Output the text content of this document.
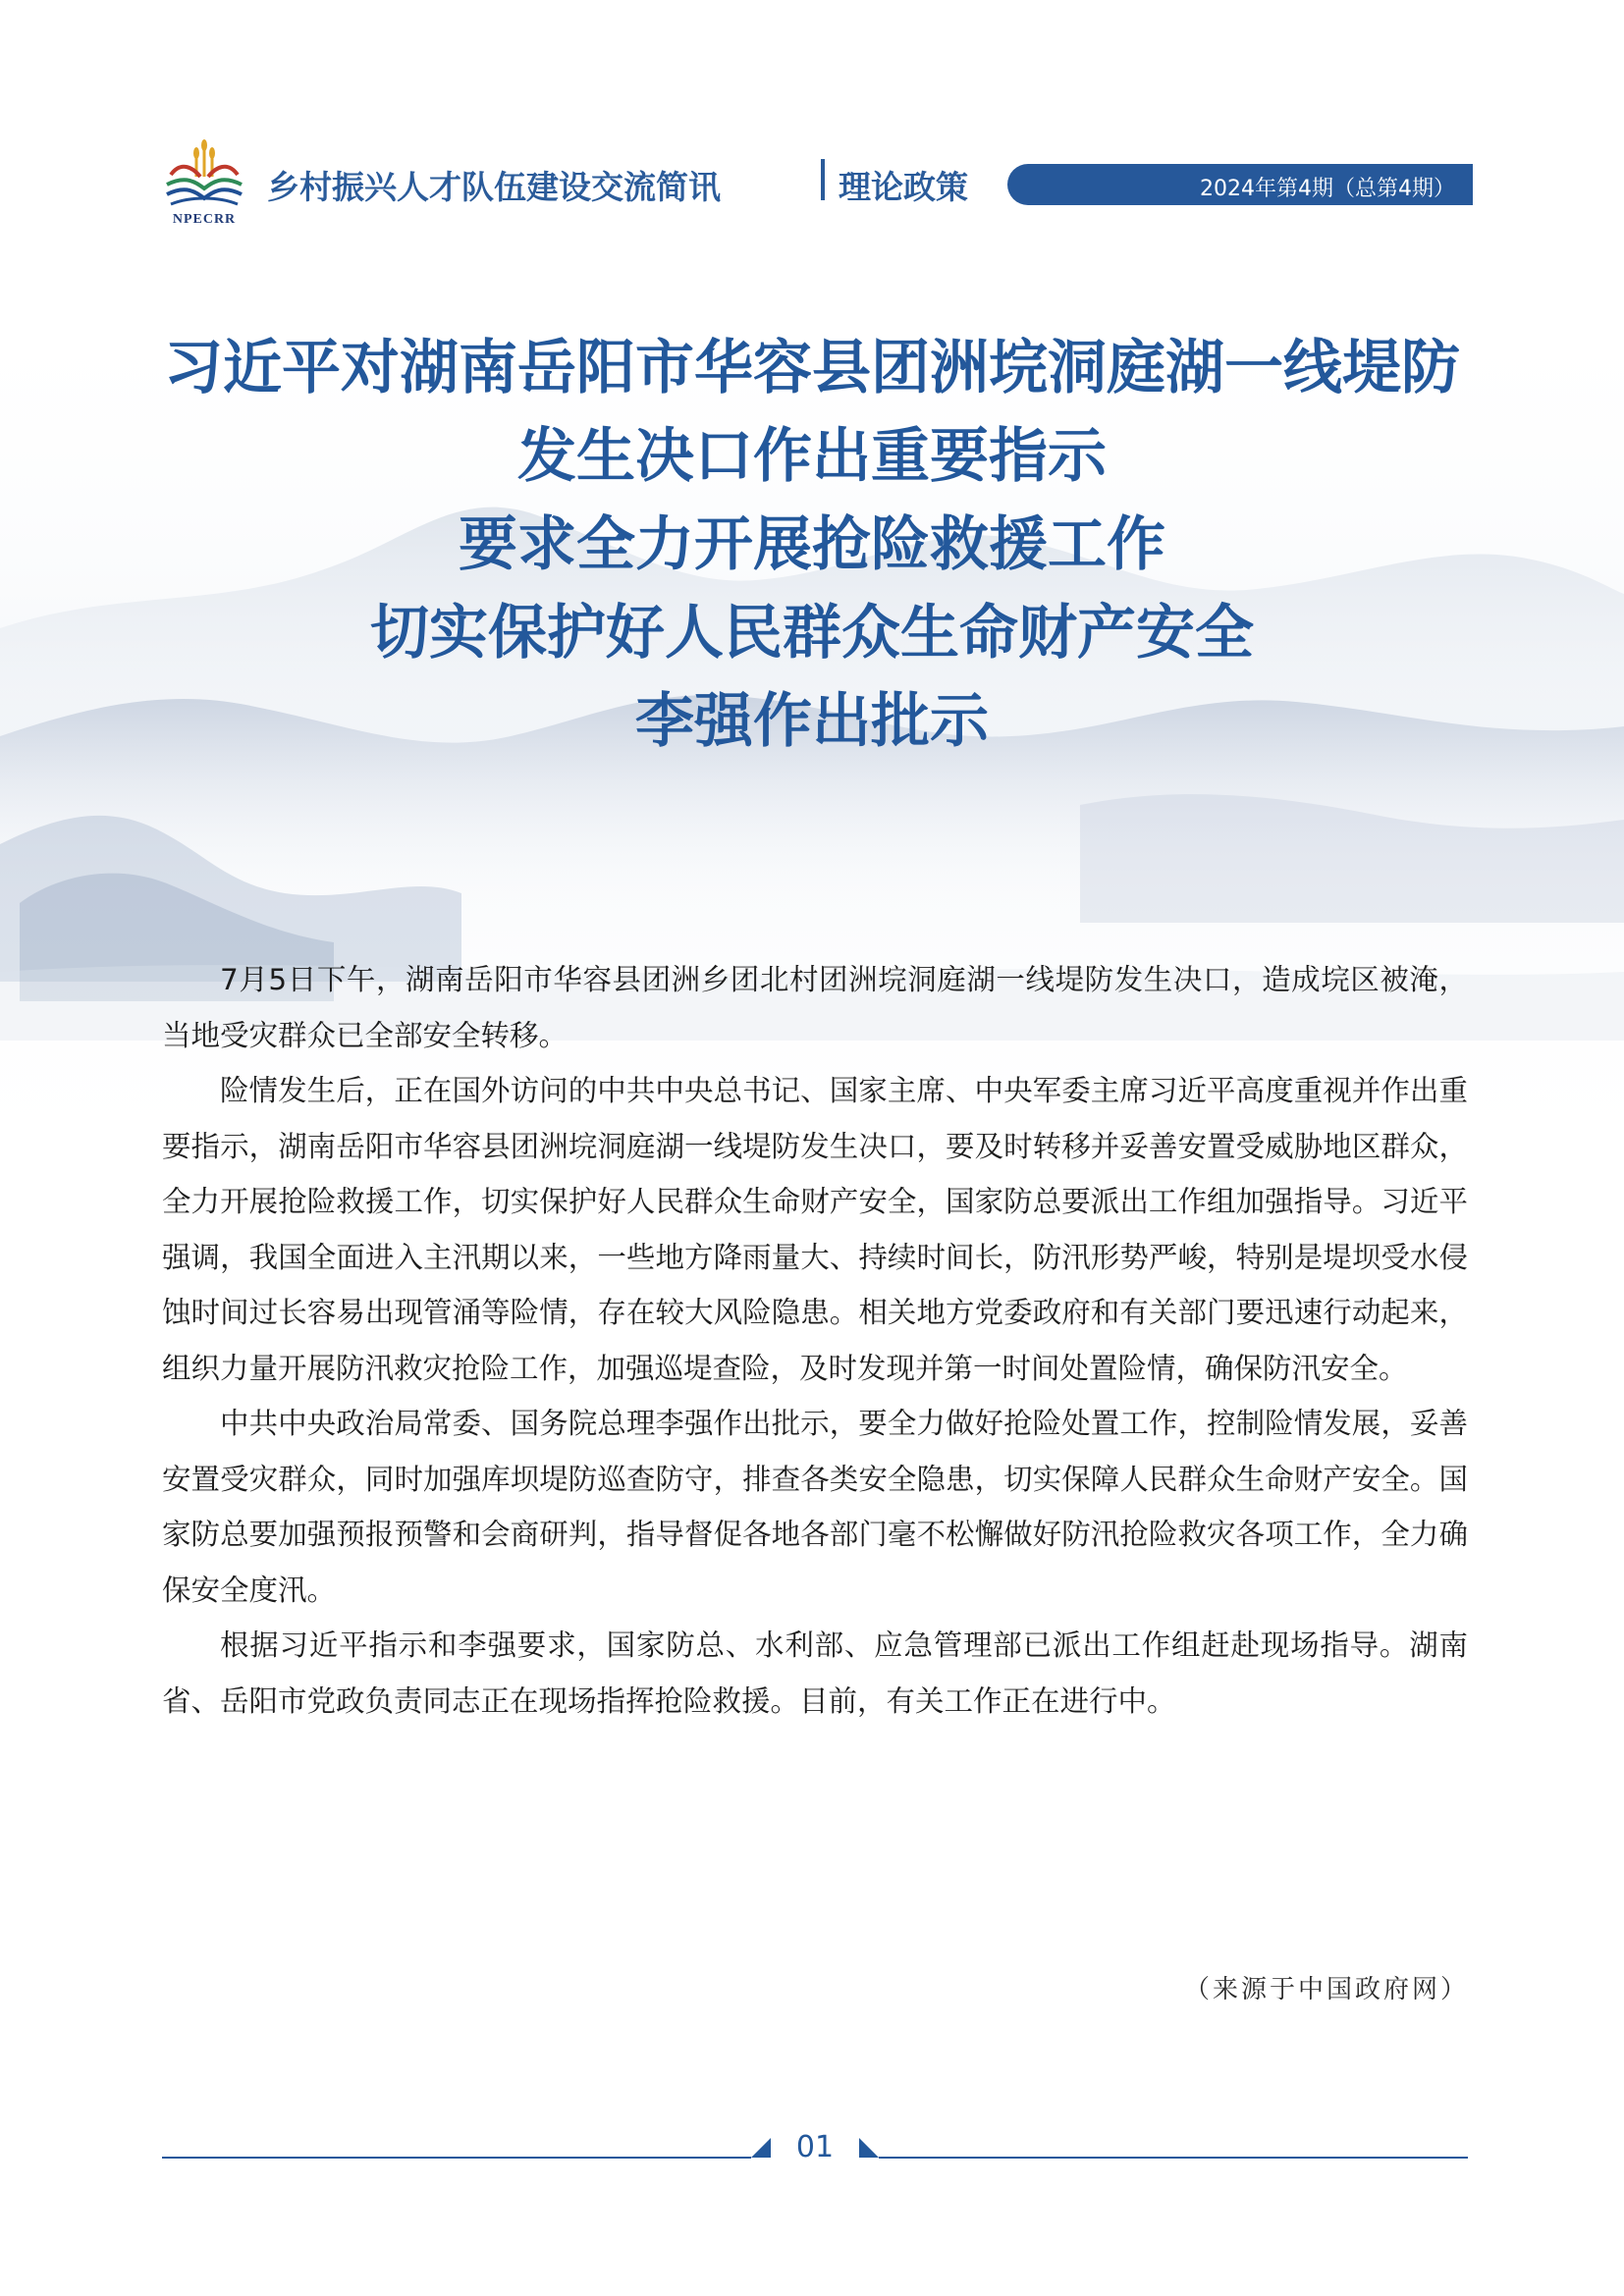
NPECRR
乡村振兴人才队伍建设交流简讯	理论政策	2024年第4期（总第4期）
习近平对湖南岳阳市华容县团洲垸洞庭湖一线堤防
发生决口作出重要指示
要求全力开展抢险救援工作
切实保护好人民群众生命财产安全
李强作出批示

7月5日下午，湖南岳阳市华容县团洲乡团北村团洲垸洞庭湖一线堤防发生决口，造成垸区被淹，当地受灾群众已全部安全转移。

险情发生后，正在国外访问的中共中央总书记、国家主席、中央军委主席习近平高度重视并作出重要指示，湖南岳阳市华容县团洲垸洞庭湖一线堤防发生决口，要及时转移并妥善安置受威胁地区群众，全力开展抢险救援工作，切实保护好人民群众生命财产安全，国家防总要派出工作组加强指导。习近平强调，我国全面进入主汛期以来，一些地方降雨量大、持续时间长，防汛形势严峻，特别是堤坝受水侵蚀时间过长容易出现管涌等险情，存在较大风险隐患。相关地方党委政府和有关部门要迅速行动起来，组织力量开展防汛救灾抢险工作，加强巡堤查险，及时发现并第一时间处置险情，确保防汛安全。

中共中央政治局常委、国务院总理李强作出批示，要全力做好抢险处置工作，控制险情发展，妥善安置受灾群众，同时加强库坝堤防巡查防守，排查各类安全隐患，切实保障人民群众生命财产安全。国家防总要加强预报预警和会商研判，指导督促各地各部门毫不松懈做好防汛抢险救灾各项工作，全力确保安全度汛。

根据习近平指示和李强要求，国家防总、水利部、应急管理部已派出工作组赶赴现场指导。湖南省、岳阳市党政负责同志正在现场指挥抢险救援。目前，有关工作正在进行中。

（来源于中国政府网）
01
